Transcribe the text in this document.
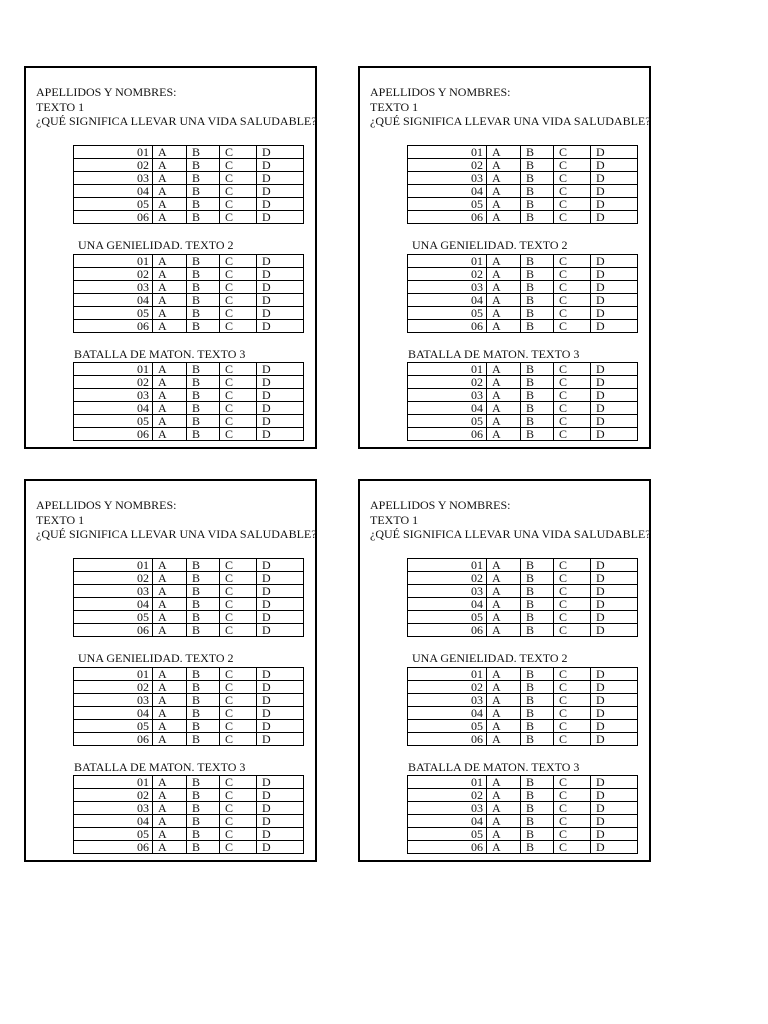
APELLIDOS Y NOMBRES:
TEXTO 1
¿QUÉ SIGNIFICA LLEVAR UNA VIDA SALUDABLE?
01	A	B	C	D
02	A	B	C	D
03	A	B	C	D
04	A	B	C	D
05	A	B	C	D
06	A	B	C	D
UNA GENIELIDAD. TEXTO 2
01	A	B	C	D
02	A	B	C	D
03	A	B	C	D
04	A	B	C	D
05	A	B	C	D
06	A	B	C	D
BATALLA DE MATON. TEXTO 3
01	A	B	C	D
02	A	B	C	D
03	A	B	C	D
04	A	B	C	D
05	A	B	C	D
06	A	B	C	D
APELLIDOS Y NOMBRES:
TEXTO 1
¿QUÉ SIGNIFICA LLEVAR UNA VIDA SALUDABLE?
01	A	B	C	D
02	A	B	C	D
03	A	B	C	D
04	A	B	C	D
05	A	B	C	D
06	A	B	C	D
UNA GENIELIDAD. TEXTO 2
01	A	B	C	D
02	A	B	C	D
03	A	B	C	D
04	A	B	C	D
05	A	B	C	D
06	A	B	C	D
BATALLA DE MATON. TEXTO 3
01	A	B	C	D
02	A	B	C	D
03	A	B	C	D
04	A	B	C	D
05	A	B	C	D
06	A	B	C	D
APELLIDOS Y NOMBRES:
TEXTO 1
¿QUÉ SIGNIFICA LLEVAR UNA VIDA SALUDABLE?
01	A	B	C	D
02	A	B	C	D
03	A	B	C	D
04	A	B	C	D
05	A	B	C	D
06	A	B	C	D
UNA GENIELIDAD. TEXTO 2
01	A	B	C	D
02	A	B	C	D
03	A	B	C	D
04	A	B	C	D
05	A	B	C	D
06	A	B	C	D
BATALLA DE MATON. TEXTO 3
01	A	B	C	D
02	A	B	C	D
03	A	B	C	D
04	A	B	C	D
05	A	B	C	D
06	A	B	C	D
APELLIDOS Y NOMBRES:
TEXTO 1
¿QUÉ SIGNIFICA LLEVAR UNA VIDA SALUDABLE?
01	A	B	C	D
02	A	B	C	D
03	A	B	C	D
04	A	B	C	D
05	A	B	C	D
06	A	B	C	D
UNA GENIELIDAD. TEXTO 2
01	A	B	C	D
02	A	B	C	D
03	A	B	C	D
04	A	B	C	D
05	A	B	C	D
06	A	B	C	D
BATALLA DE MATON. TEXTO 3
01	A	B	C	D
02	A	B	C	D
03	A	B	C	D
04	A	B	C	D
05	A	B	C	D
06	A	B	C	D
